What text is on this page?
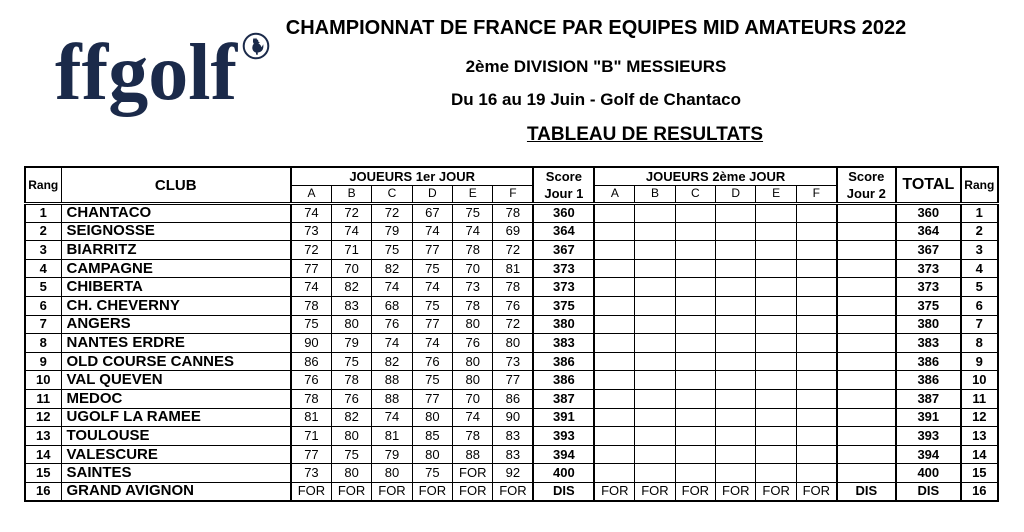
ffgolf
CHAMPIONNAT DE FRANCE PAR EQUIPES MID AMATEURS 2022
2ème DIVISION "B" MESSIEURS
Du 16 au 19 Juin - Golf de Chantaco
TABLEAU DE RESULTATS
Rang	CLUB	JOUEURS 1er JOUR						Score
Jour 1	JOUEURS 2ème JOUR						Score
Jour 2	TOTAL	Rang
		A	B	C	D	E	F		A	B	C	D	E	F			
1	CHANTACO	74	72	72	67	75	78	360								360	1
2	SEIGNOSSE	73	74	79	74	74	69	364								364	2
3	BIARRITZ	72	71	75	77	78	72	367								367	3
4	CAMPAGNE	77	70	82	75	70	81	373								373	4
5	CHIBERTA	74	82	74	74	73	78	373								373	5
6	CH. CHEVERNY	78	83	68	75	78	76	375								375	6
7	ANGERS	75	80	76	77	80	72	380								380	7
8	NANTES ERDRE	90	79	74	74	76	80	383								383	8
9	OLD COURSE CANNES	86	75	82	76	80	73	386								386	9
10	VAL QUEVEN	76	78	88	75	80	77	386								386	10
11	MEDOC	78	76	88	77	70	86	387								387	11
12	UGOLF LA RAMEE	81	82	74	80	74	90	391								391	12
13	TOULOUSE	71	80	81	85	78	83	393								393	13
14	VALESCURE	77	75	79	80	88	83	394								394	14
15	SAINTES	73	80	80	75	FOR	92	400								400	15
16	GRAND AVIGNON	FOR	FOR	FOR	FOR	FOR	FOR	DIS	FOR	FOR	FOR	FOR	FOR	FOR	DIS	DIS	16
